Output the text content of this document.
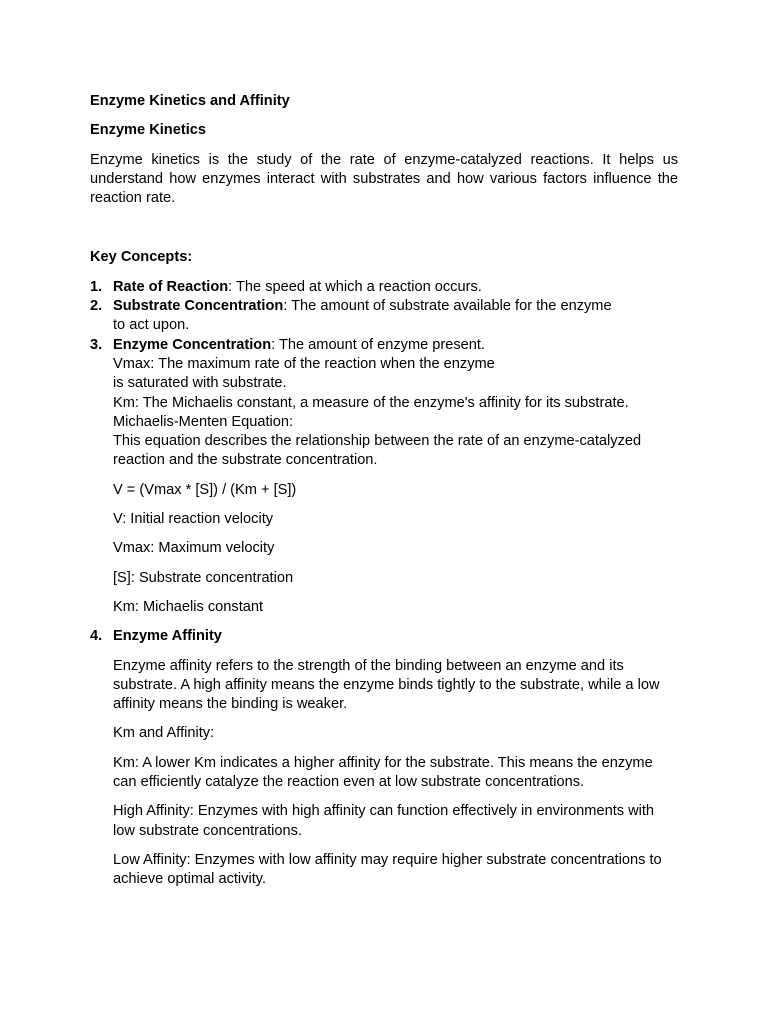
Enzyme Kinetics and Affinity

Enzyme Kinetics

Enzyme kinetics is the study of the rate of enzyme-catalyzed reactions. It helps us understand how enzymes interact with substrates and how various factors influence the reaction rate.

Key Concepts:

1. Rate of Reaction: The speed at which a reaction occurs.
2. Substrate Concentration: The amount of substrate available for the enzyme
to act upon.
3. Enzyme Concentration: The amount of enzyme present.
Vmax: The maximum rate of the reaction when the enzyme
is saturated with substrate.
Km: The Michaelis constant, a measure of the enzyme's affinity for its substrate.
Michaelis-Menten Equation:
This equation describes the relationship between the rate of an enzyme-catalyzed
reaction and the substrate concentration.

V = (Vmax * [S]) / (Km + [S])

V: Initial reaction velocity

Vmax: Maximum velocity

[S]: Substrate concentration

Km: Michaelis constant

4. Enzyme Affinity

Enzyme affinity refers to the strength of the binding between an enzyme and its substrate. A high affinity means the enzyme binds tightly to the substrate, while a low affinity means the binding is weaker.

Km and Affinity:

Km: A lower Km indicates a higher affinity for the substrate. This means the enzyme can efficiently catalyze the reaction even at low substrate concentrations.

High Affinity: Enzymes with high affinity can function effectively in environments with low substrate concentrations.

Low Affinity: Enzymes with low affinity may require higher substrate concentrations to achieve optimal activity.
